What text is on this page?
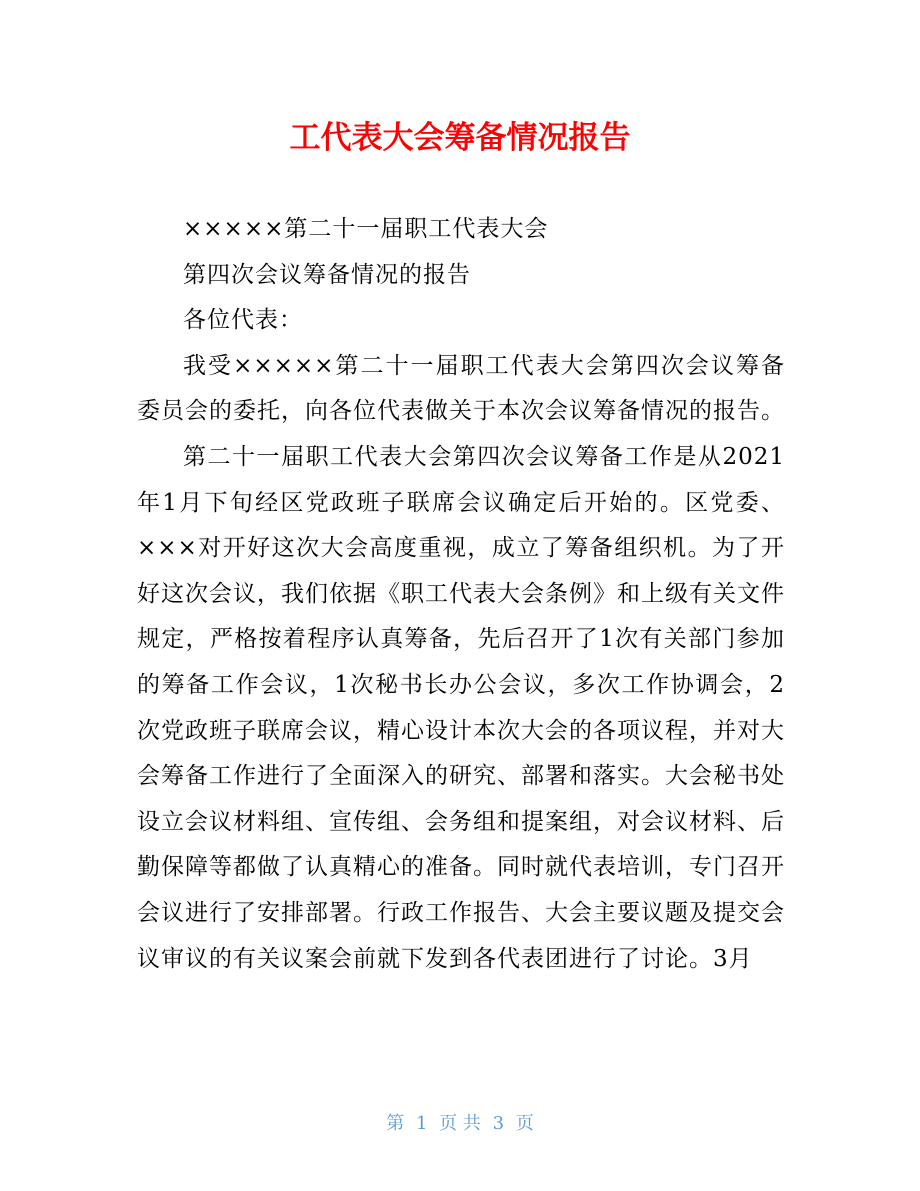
工代表大会筹备情况报告

×××××第二十一届职工代表大会

第四次会议筹备情况的报告

各位代表：

我受×××××第二十一届职工代表大会第四次会议筹备委员会的委托，向各位代表做关于本次会议筹备情况的报告。

第二十一届职工代表大会第四次会议筹备工作是从2021年1月下旬经区党政班子联席会议确定后开始的。区党委、×××对开好这次大会高度重视，成立了筹备组织机。为了开好这次会议，我们依据《职工代表大会条例》和上级有关文件规定，严格按着程序认真筹备，先后召开了1次有关部门参加的筹备工作会议，1次秘书长办公会议，多次工作协调会，2次党政班子联席会议，精心设计本次大会的各项议程，并对大会筹备工作进行了全面深入的研究、部署和落实。大会秘书处设立会议材料组、宣传组、会务组和提案组，对会议材料、后勤保障等都做了认真精心的准备。同时就代表培训，专门召开会议进行了安排部署。行政工作报告、大会主要议题及提交会议审议的有关议案会前就下发到各代表团进行了讨论。3月

第 1 页 共 3 页
